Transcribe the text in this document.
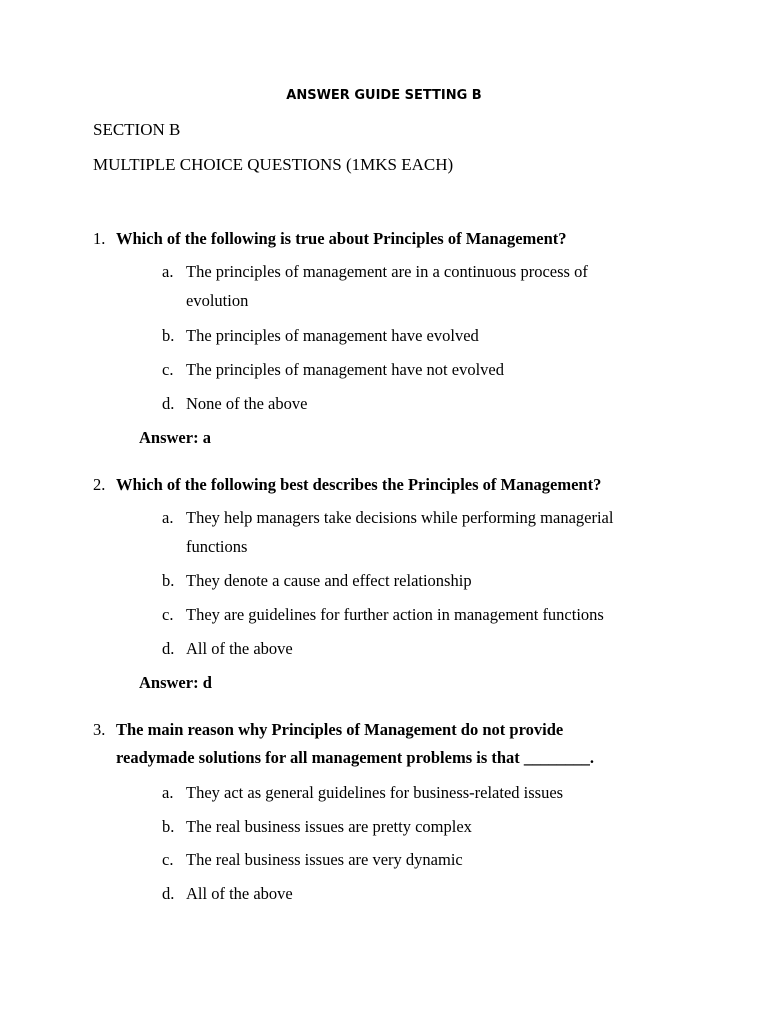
ANSWER GUIDE SETTING B
SECTION B
MULTIPLE CHOICE QUESTIONS (1MKS EACH)
1. Which of the following is true about Principles of Management?
a. The principles of management are in a continuous process of
evolution
b. The principles of management have evolved
c. The principles of management have not evolved
d. None of the above
Answer: a
2. Which of the following best describes the Principles of Management?
a. They help managers take decisions while performing managerial
functions
b. They denote a cause and effect relationship
c. They are guidelines for further action in management functions
d. All of the above
Answer: d
3. The main reason why Principles of Management do not provide
readymade solutions for all management problems is that ________.
a. They act as general guidelines for business-related issues
b. The real business issues are pretty complex
c. The real business issues are very dynamic
d. All of the above
